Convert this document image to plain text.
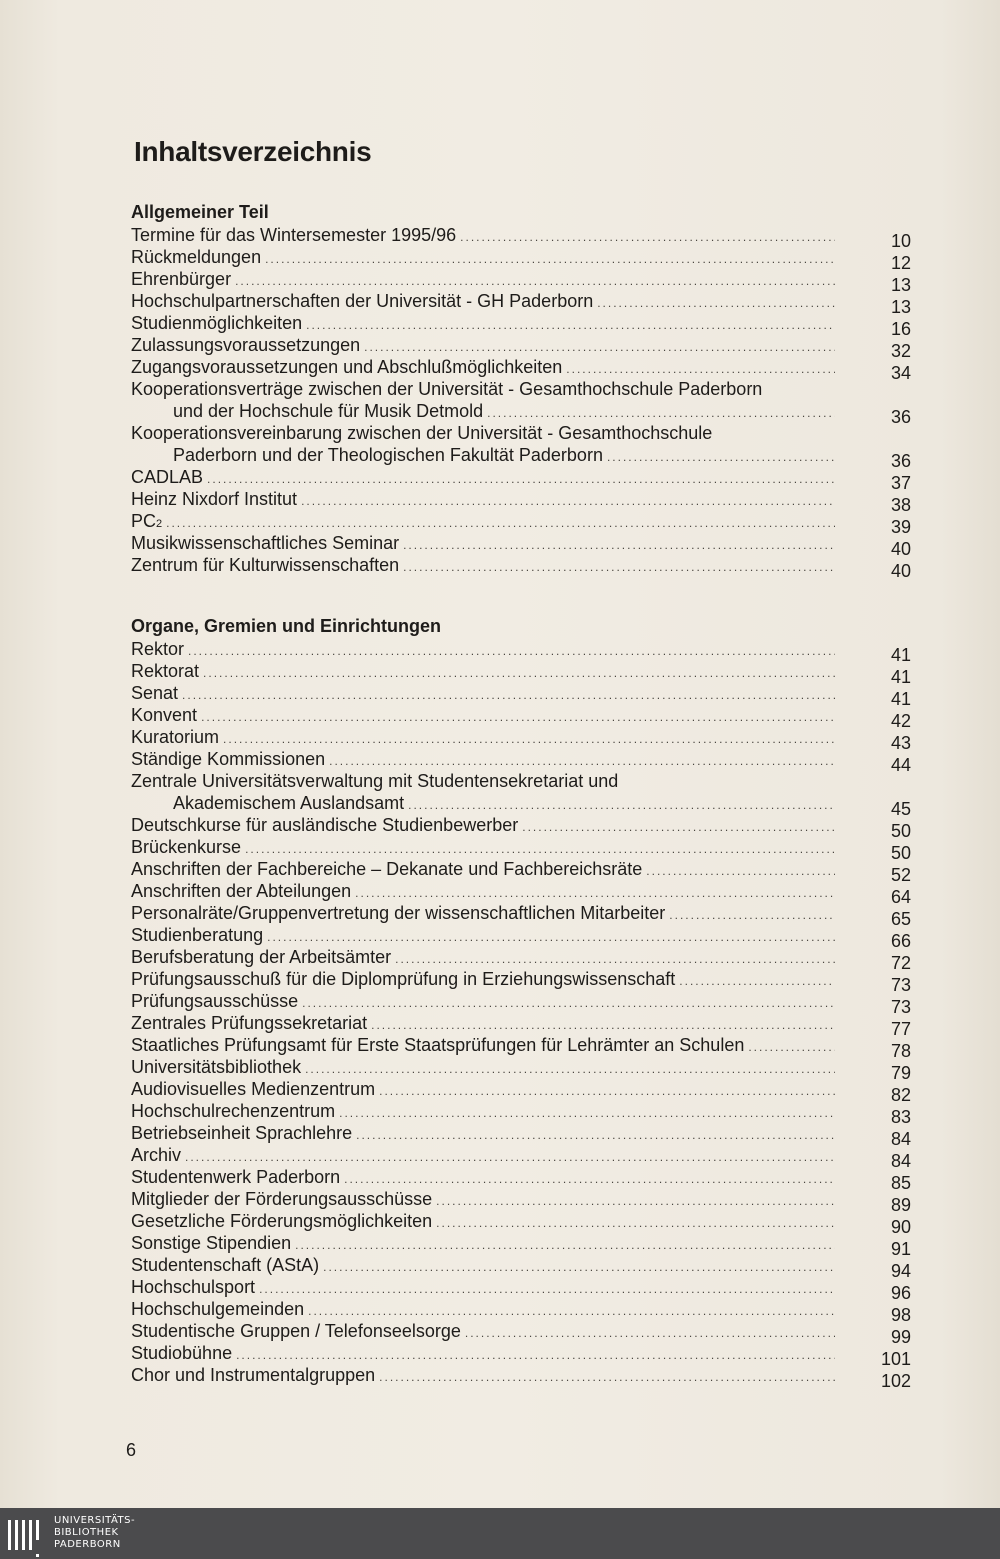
Inhaltsverzeichnis
Allgemeiner Teil
Termine für das Wintersemester 1995/96 .....	10
Rückmeldungen .....	12
Ehrenbürger .....	13
Hochschulpartnerschaften der Universität - GH Paderborn .....	13
Studienmöglichkeiten .....	16
Zulassungsvoraussetzungen .....	32
Zugangsvoraussetzungen und Abschlußmöglichkeiten .....	34
Kooperationsverträge zwischen der Universität - Gesamthochschule Paderborn
und der Hochschule für Musik Detmold .....	36
Kooperationsvereinbarung zwischen der Universität - Gesamthochschule
Paderborn und der Theologischen Fakultät Paderborn .....	36
CADLAB .....	37
Heinz Nixdorf Institut .....	38
PC 2 .....	39
Musikwissenschaftliches Seminar .....	40
Zentrum für Kulturwissenschaften .....	40
Organe, Gremien und Einrichtungen
Rektor .....	41
Rektorat .....	41
Senat .....	41
Konvent .....	42
Kuratorium .....	43
Ständige Kommissionen .....	44
Zentrale Universitätsverwaltung mit Studentensekretariat und
Akademischem Auslandsamt .....	45
Deutschkurse für ausländische Studienbewerber .....	50
Brückenkurse .....	50
Anschriften der Fachbereiche – Dekanate und Fachbereichsräte .....	52
Anschriften der Abteilungen .....	64
Personalräte/Gruppenvertretung der wissenschaftlichen Mitarbeiter .....	65
Studienberatung .....	66
Berufsberatung der Arbeitsämter .....	72
Prüfungsausschuß für die Diplomprüfung in Erziehungswissenschaft .....	73
Prüfungsausschüsse .....	73
Zentrales Prüfungssekretariat .....	77
Staatliches Prüfungsamt für Erste Staatsprüfungen für Lehrämter an Schulen .....	78
Universitätsbibliothek .....	79
Audiovisuelles Medienzentrum .....	82
Hochschulrechenzentrum .....	83
Betriebseinheit Sprachlehre .....	84
Archiv .....	84
Studentenwerk Paderborn .....	85
Mitglieder der Förderungsausschüsse .....	89
Gesetzliche Förderungsmöglichkeiten .....	90
Sonstige Stipendien .....	91
Studentenschaft (AStA) .....	94
Hochschulsport .....	96
Hochschulgemeinden .....	98
Studentische Gruppen / Telefonseelsorge .....	99
Studiobühne .....	101
Chor und Instrumentalgruppen .....	102
6
UNIVERSITÄTS-
BIBLIOTHEK
PADERBORN
